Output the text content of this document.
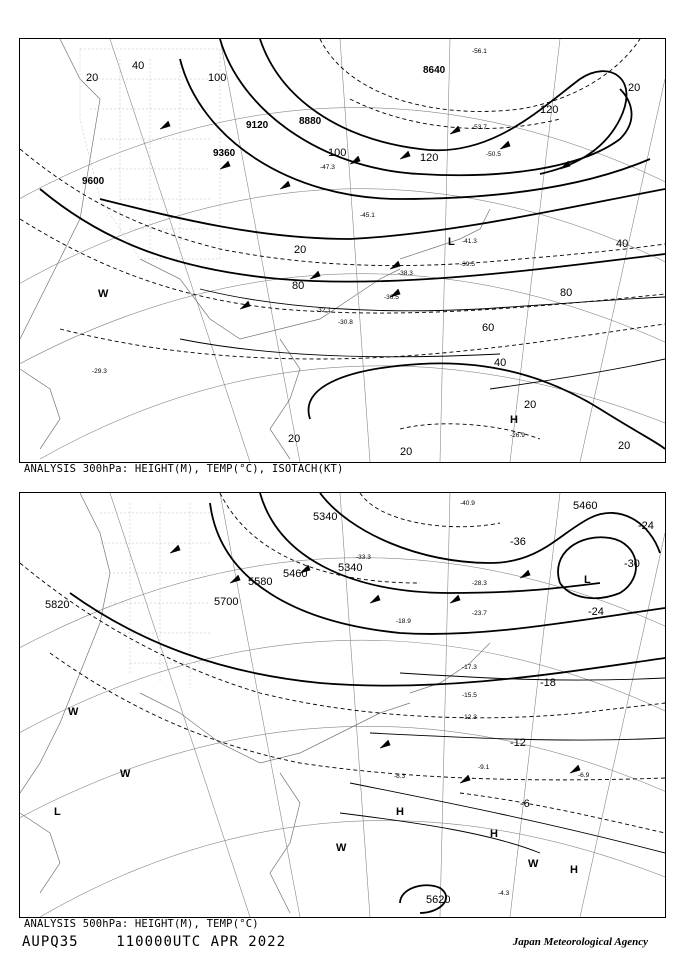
8640
8880
9120
9360
9600
20
40
100
100	120
120
20
40
20
80
80
60
40
20
20
20	20
-56.1
-53.7
-50.5
-47.3
-45.1
-41.3
-39.5
-38.3
-36.5
-32.1
-30.8
-29.3
-26.9
L
H
W
ANALYSIS 300hPa: HEIGHT(M), TEMP(°C), ISOTACH(KT)
5460
5460
5580
5700
5820
5340
5340
5620
-36
-30
-24
-24
-18
-12
-6
-40.9
-33.3
-28.3
-23.7
-18.9
-17.3
-15.5
-12.3
-9.1
-8.3	-6.9
-4.3
L
L	H
H
H
W
W
W
W
ANALYSIS 500hPa: HEIGHT(M), TEMP(°C)
AUPQ35	110000UTC APR 2022	Japan Meteorological Agency
